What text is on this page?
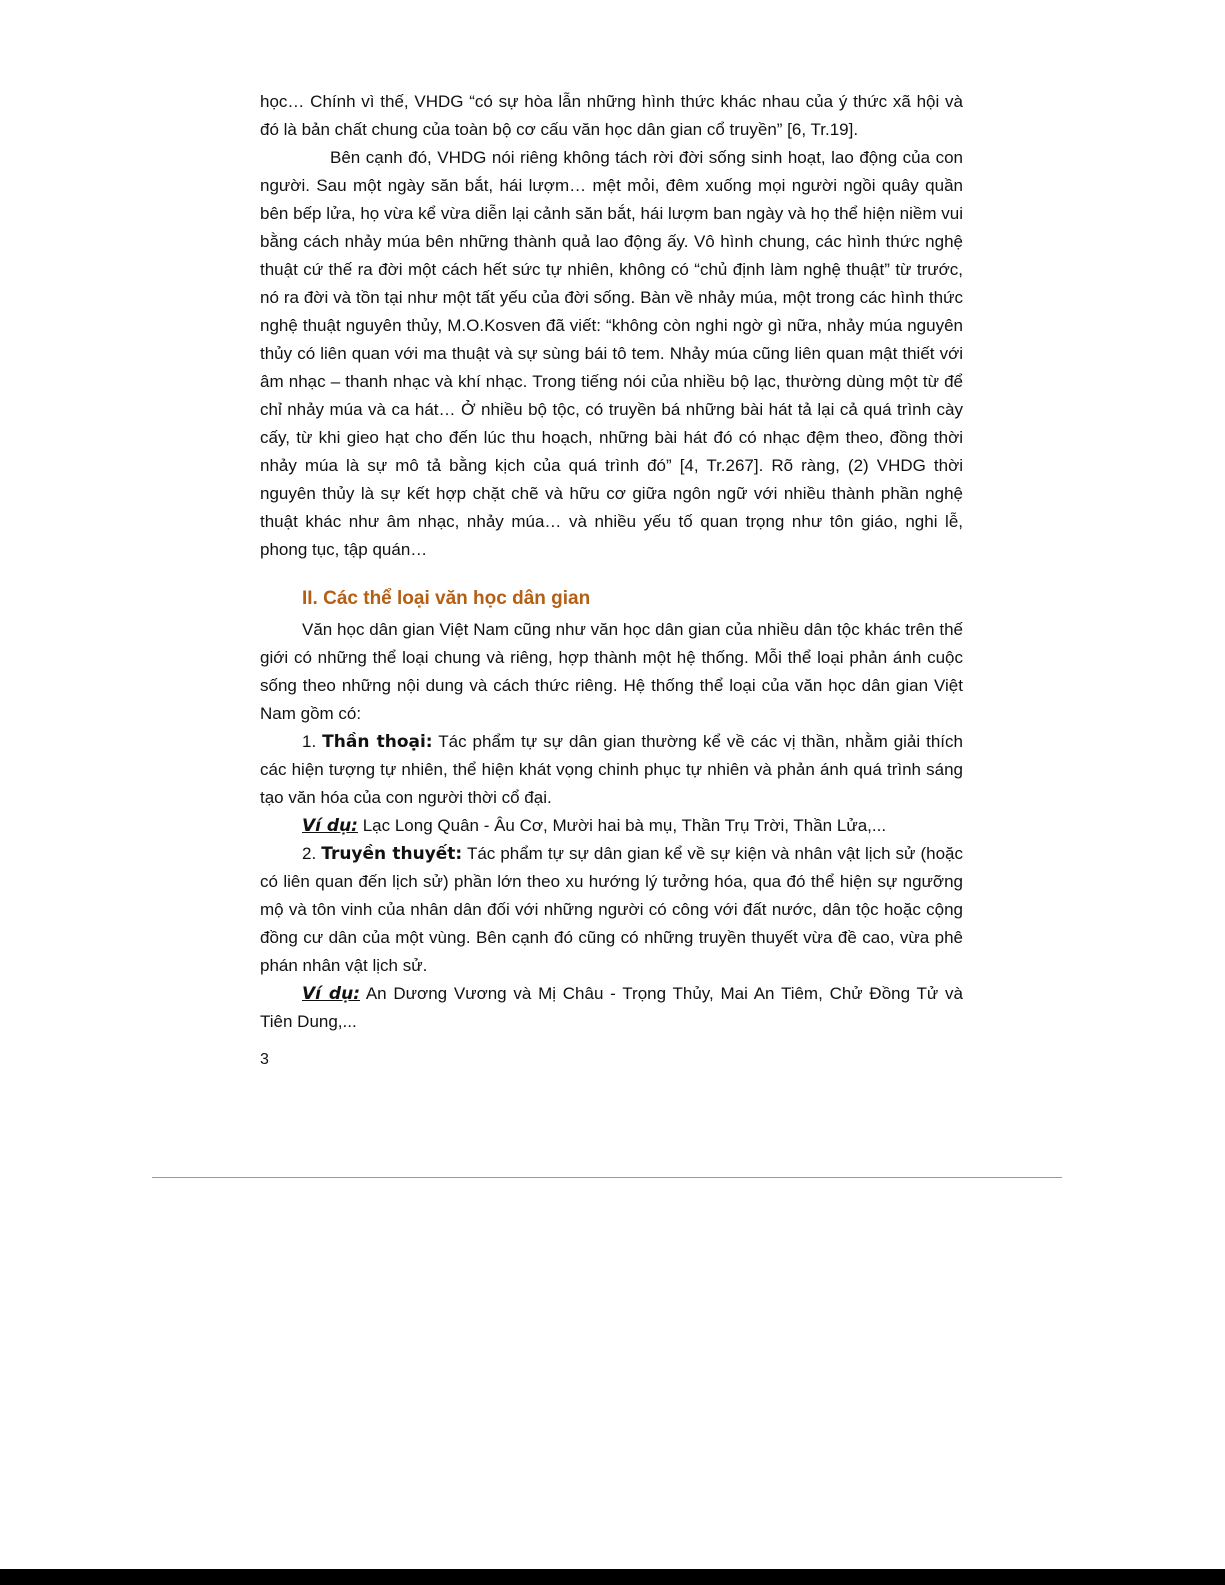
học… Chính vì thế, VHDG “có sự hòa lẫn những hình thức khác nhau của ý thức xã hội và đó là bản chất chung của toàn bộ cơ cấu văn học dân gian cổ truyền” [6, Tr.19].

Bên cạnh đó, VHDG nói riêng không tách rời đời sống sinh hoạt, lao động của con người. Sau một ngày săn bắt, hái lượm… mệt mỏi, đêm xuống mọi người ngồi quây quần bên bếp lửa, họ vừa kể vừa diễn lại cảnh săn bắt, hái lượm ban ngày và họ thể hiện niềm vui bằng cách nhảy múa bên những thành quả lao động ấy. Vô hình chung, các hình thức nghệ thuật cứ thế ra đời một cách hết sức tự nhiên, không có “chủ định làm nghệ thuật” từ trước, nó ra đời và tồn tại như một tất yếu của đời sống. Bàn về nhảy múa, một trong các hình thức nghệ thuật nguyên thủy, M.O.Kosven đã viết: “không còn nghi ngờ gì nữa, nhảy múa nguyên thủy có liên quan với ma thuật và sự sùng bái tô tem. Nhảy múa cũng liên quan mật thiết với âm nhạc – thanh nhạc và khí nhạc. Trong tiếng nói của nhiều bộ lạc, thường dùng một từ để chỉ nhảy múa và ca hát… Ở nhiều bộ tộc, có truyền bá những bài hát tả lại cả quá trình cày cấy, từ khi gieo hạt cho đến lúc thu hoạch, những bài hát đó có nhạc đệm theo, đồng thời nhảy múa là sự mô tả bằng kịch của quá trình đó” [4, Tr.267]. Rõ ràng, (2) VHDG thời nguyên thủy là sự kết hợp chặt chẽ và hữu cơ giữa ngôn ngữ với nhiều thành phần nghệ thuật khác như âm nhạc, nhảy múa… và nhiều yếu tố quan trọng như tôn giáo, nghi lễ, phong tục, tập quán…

II. Các thể loại văn học dân gian

Văn học dân gian Việt Nam cũng như văn học dân gian của nhiều dân tộc khác trên thế giới có những thể loại chung và riêng, hợp thành một hệ thống. Mỗi thể loại phản ánh cuộc sống theo những nội dung và cách thức riêng. Hệ thống thể loại của văn học dân gian Việt Nam gồm có:

1. Thần thoại: Tác phẩm tự sự dân gian thường kể về các vị thần, nhằm giải thích các hiện tượng tự nhiên, thể hiện khát vọng chinh phục tự nhiên và phản ánh quá trình sáng tạo văn hóa của con người thời cổ đại.

Ví dụ: Lạc Long Quân - Âu Cơ, Mười hai bà mụ, Thần Trụ Trời, Thần Lửa,...

2. Truyền thuyết: Tác phẩm tự sự dân gian kể về sự kiện và nhân vật lịch sử (hoặc có liên quan đến lịch sử) phần lớn theo xu hướng lý tưởng hóa, qua đó thể hiện sự ngưỡng mộ và tôn vinh của nhân dân đối với những người có công với đất nước, dân tộc hoặc cộng đồng cư dân của một vùng. Bên cạnh đó cũng có những truyền thuyết vừa đề cao, vừa phê phán nhân vật lịch sử.

Ví dụ: An Dương Vương và Mị Châu - Trọng Thủy, Mai An Tiêm, Chử Đồng Tử và Tiên Dung,...

3
